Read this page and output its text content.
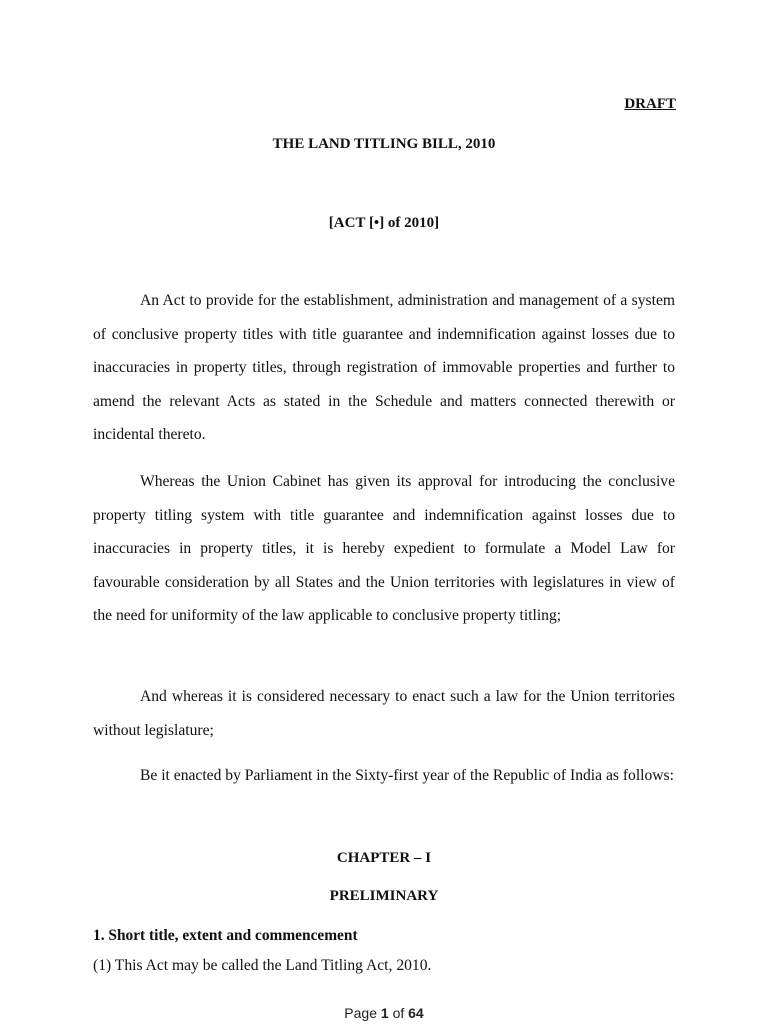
DRAFT
THE LAND TITLING BILL, 2010
[ACT [•] of 2010]

An Act to provide for the establishment, administration and management of a system of conclusive property titles with title guarantee and indemnification against losses due to inaccuracies in property titles, through registration of immovable properties and further to amend the relevant Acts as stated in the Schedule and matters connected therewith or incidental thereto.

Whereas the Union Cabinet has given its approval for introducing the conclusive property titling system with title guarantee and indemnification against losses due to inaccuracies in property titles, it is hereby expedient to formulate a Model Law for favourable consideration by all States and the Union territories with legislatures in view of the need for uniformity of the law applicable to conclusive property titling;

And whereas it is considered necessary to enact such a law for the Union territories without legislature;

Be it enacted by Parliament in the Sixty-first year of the Republic of India as follows:

CHAPTER – I
PRELIMINARY
1. Short title, extent and commencement
(1) This Act may be called the Land Titling Act, 2010.
Page 1 of 64
